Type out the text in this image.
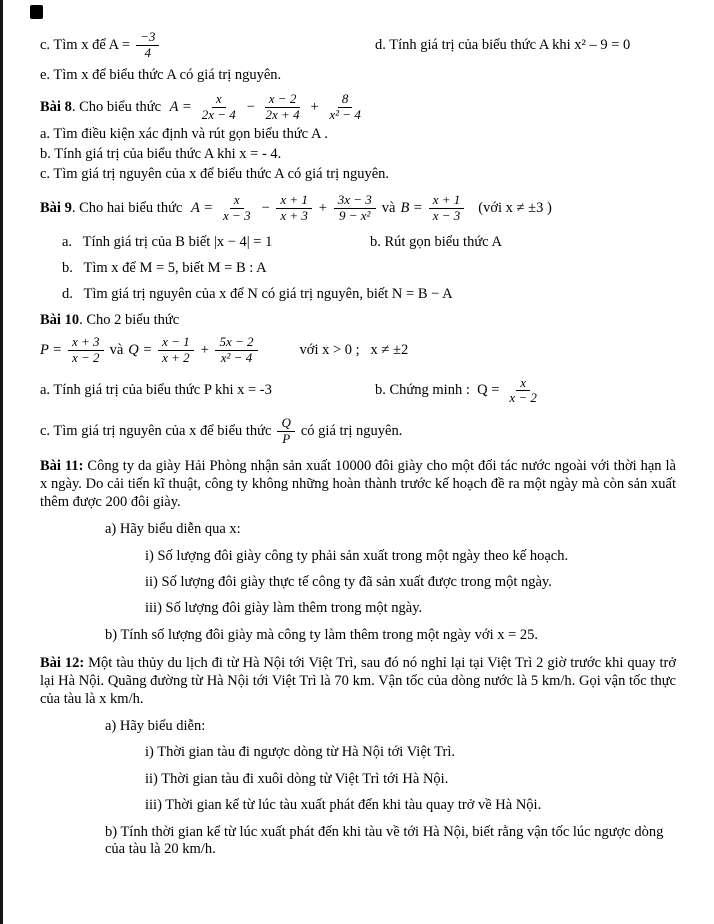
c. Tìm x để $A = \frac{-3}{4}$	d. Tính giá trị của biểu thức A khi x² – 9 = 0
e. Tìm x để biểu thức A có giá trị nguyên.
Bài 8. Cho biểu thức $A = \frac{x}{2x - 4} - \frac{x - 2}{2x + 4} + \frac{8}{\text{x² − 4}}$
a. Tìm điều kiện xác định và rút gọn biểu thức A .
b. Tính giá trị của biểu thức A khi x = - 4.
c. Tìm giá trị nguyên của x để biểu thức A có giá trị nguyên.
Bài 9. Cho hai biểu thức $A = \frac{x}{x - 3} - \frac{x + 1}{x + 3} + \frac{3x - 3}{\text{9 − x²}}$ và $B = \frac{x + 1}{x - 3}$ (với x ≠ ±3 )
a.   Tính giá trị của B biết |x − 4| = 1	b. Rút gọn biểu thức A
b.   Tìm x để M = 5, biết M = B : A
d.   Tìm giá trị nguyên của x để N có giá trị nguyên, biết N = B − A
Bài 10. Cho 2 biểu thức
$P = \frac{x + 3}{x - 2}$ và $Q = \frac{x - 1}{x + 2} + \frac{5x - 2}{\text{x² − 4}}$	với x > 0 ;   x ≠ ±2
a. Tính giá trị của biểu thức P khi x = -3	b. Chứng minh :  $Q = \frac{x}{x - 2}$
c. Tìm giá trị nguyên của x để biểu thức $\frac{Q}{P}$ có giá trị nguyên.

Bài 11: Công ty da giày Hải Phòng nhận sản xuất 10000 đôi giày cho một đối tác nước ngoài với thời hạn là x ngày. Do cải tiến kĩ thuật, công ty không những hoàn thành trước kế hoạch đề ra một ngày mà còn sản xuất thêm được 200 đôi giày.

a) Hãy biểu diễn qua x:
i) Số lượng đôi giày công ty phải sản xuất trong một ngày theo kế hoạch.
ii) Số lượng đôi giày thực tế công ty đã sản xuất được trong một ngày.
iii) Số lượng đôi giày làm thêm trong một ngày.
b) Tính số lượng đôi giày mà công ty làm thêm trong một ngày với x = 25.

Bài 12: Một tàu thủy du lịch đi từ Hà Nội tới Việt Trì, sau đó nó nghỉ lại tại Việt Trì 2 giờ trước khi quay trở lại Hà Nội. Quãng đường từ Hà Nội tới Việt Trì là 70 km. Vận tốc của dòng nước là 5 km/h. Gọi vận tốc thực của tàu là x km/h.

a) Hãy biểu diễn:
i) Thời gian tàu đi ngược dòng từ Hà Nội tới Việt Trì.
ii) Thời gian tàu đi xuôi dòng từ Việt Trì tới Hà Nội.
iii) Thời gian kể từ lúc tàu xuất phát đến khi tàu quay trở về Hà Nội.
b) Tính thời gian kể từ lúc xuất phát đến khi tàu về tới Hà Nội, biết rằng vận tốc lúc ngược dòng của tàu là 20 km/h.
